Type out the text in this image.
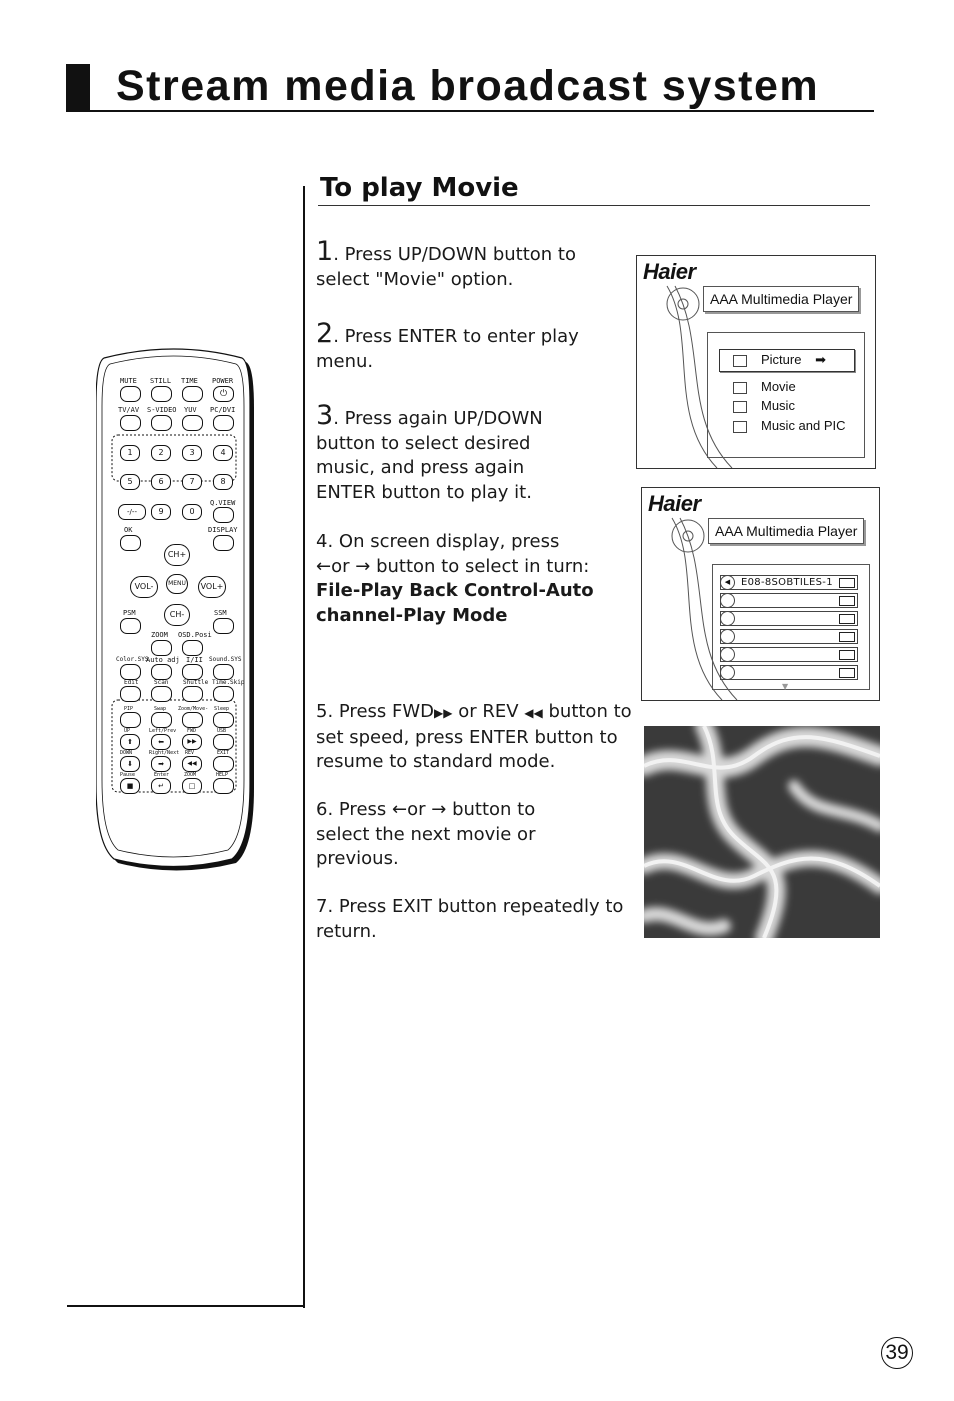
Stream media broadcast system
To play Movie
1. Press UP/DOWN button to select "Movie" option.
2. Press ENTER to enter play menu.
3. Press again UP/DOWN button to select desired music, and press again ENTER button to play it.
4. On screen display, press
←or → button to select in turn:
File-Play Back Control-Auto channel-Play Mode
5. Press FWD▶▶ or REV ◀◀ button to set speed, press ENTER button to resume to standard mode.
6. Press ←or → button to select the next movie or previous.
7. Press EXIT button repeatedly to return.
Haier
AAA Multimedia Player
Picture ➡
Movie
Music
Music and PIC
Haier
AAA Multimedia Player
◀	E08-8SOBTILES-1
▼
MUTE STILL TIME POWER
⏻
TV/AV S-VIDEO YUV PC/DVI
1	2	3	4
5	6	7	8
-/--	9	0
Q.VIEW
OK	DISPLAY
CH+
VOL-	MENU	VOL+
CH-
PSM	SSM
ZOOM OSD.Posi
Color.SYS
Auto adj I/II Sound.SYS
Edit	Scan Shuttle Time.Skip
PIP	Swap Zoom/Move- Sleep
UP	Left/Prev FWD	USB
⬆	⬅	▶▶
DOWN	Right/Next REV	EXIT
⬇	➡	◀◀
Pause	Enter	ZOOM	HELP
■	↵	□
39
